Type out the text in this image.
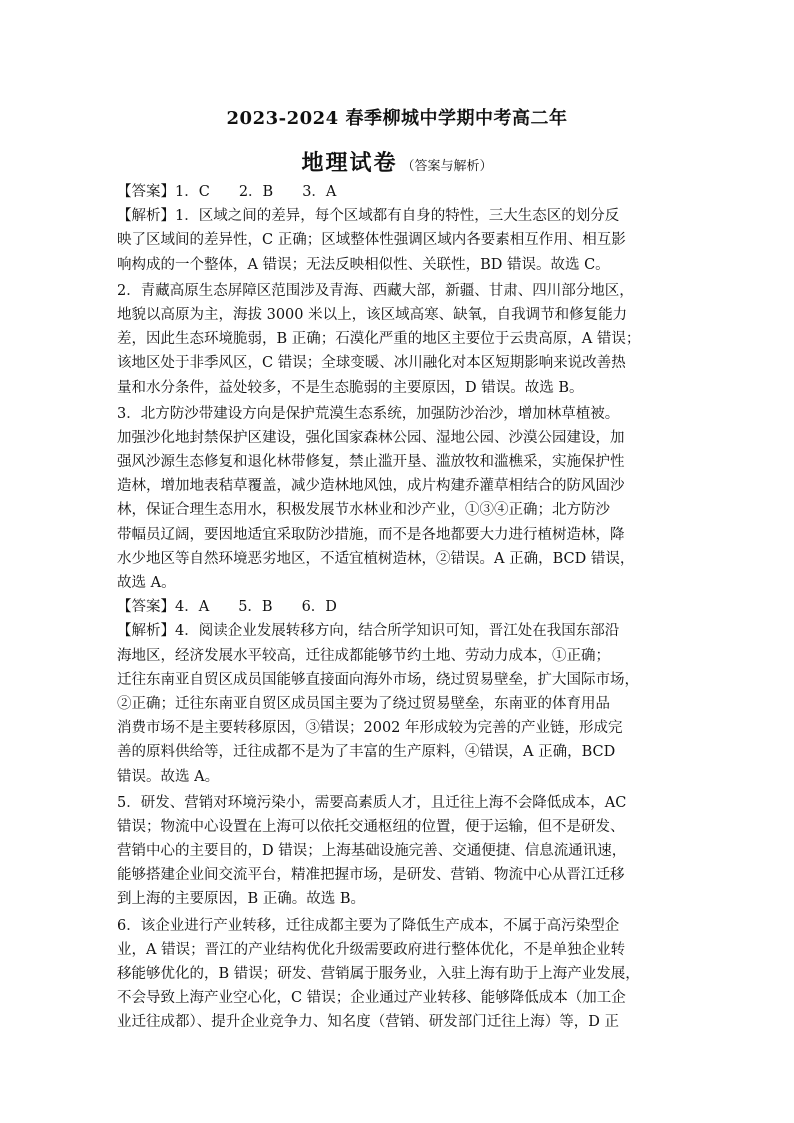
2023-2024 春季柳城中学期中考高二年
地理试卷 （答案与解析）
【答案】1．C　　2．B　　3．A
【解析】1．区域之间的差异，每个区域都有自身的特性，三大生态区的划分反
映了区域间的差异性，C 正确；区域整体性强调区域内各要素相互作用、相互影
响构成的一个整体，A 错误；无法反映相似性、关联性，BD 错误。故选 C。
2．青藏高原生态屏障区范围涉及青海、西藏大部，新疆、甘肃、四川部分地区，
地貌以高原为主，海拔 3000 米以上，该区域高寒、缺氧，自我调节和修复能力
差，因此生态环境脆弱，B 正确；石漠化严重的地区主要位于云贵高原，A 错误；
该地区处于非季风区，C 错误；全球变暖、冰川融化对本区短期影响来说改善热
量和水分条件，益处较多，不是生态脆弱的主要原因，D 错误。故选 B。
3．北方防沙带建设方向是保护荒漠生态系统，加强防沙治沙，增加林草植被。
加强沙化地封禁保护区建设，强化国家森林公园、湿地公园、沙漠公园建设，加
强风沙源生态修复和退化林带修复，禁止滥开垦、滥放牧和滥樵采，实施保护性
造林，增加地表秸草覆盖，减少造林地风蚀，成片构建乔灌草相结合的防风固沙
林，保证合理生态用水，积极发展节水林业和沙产业，①③④正确；北方防沙
带幅员辽阔，要因地适宜采取防沙措施，而不是各地都要大力进行植树造林，降
水少地区等自然环境恶劣地区，不适宜植树造林，②错误。A 正确，BCD 错误，
故选 A。
【答案】4．A　　5．B　　6．D
【解析】4．阅读企业发展转移方向，结合所学知识可知，晋江处在我国东部沿
海地区，经济发展水平较高，迁往成都能够节约土地、劳动力成本，①正确；
迁往东南亚自贸区成员国能够直接面向海外市场，绕过贸易壁垒，扩大国际市场，
②正确；迁往东南亚自贸区成员国主要为了绕过贸易壁垒，东南亚的体育用品
消费市场不是主要转移原因，③错误；2002 年形成较为完善的产业链，形成完
善的原料供给等，迁往成都不是为了丰富的生产原料，④错误，A 正确，BCD
错误。故选 A。
5．研发、营销对环境污染小，需要高素质人才，且迁往上海不会降低成本，AC
错误；物流中心设置在上海可以依托交通枢纽的位置，便于运输，但不是研发、
营销中心的主要目的，D 错误；上海基础设施完善、交通便捷、信息流通讯速，
能够搭建企业间交流平台，精准把握市场，是研发、营销、物流中心从晋江迁移
到上海的主要原因，B 正确。故选 B。
6．该企业进行产业转移，迁往成都主要为了降低生产成本，不属于高污染型企
业，A 错误；晋江的产业结构优化升级需要政府进行整体优化，不是单独企业转
移能够优化的，B 错误；研发、营销属于服务业，入驻上海有助于上海产业发展，
不会导致上海产业空心化，C 错误；企业通过产业转移、能够降低成本（加工企
业迁往成都）、提升企业竞争力、知名度（营销、研发部门迁往上海）等，D 正
